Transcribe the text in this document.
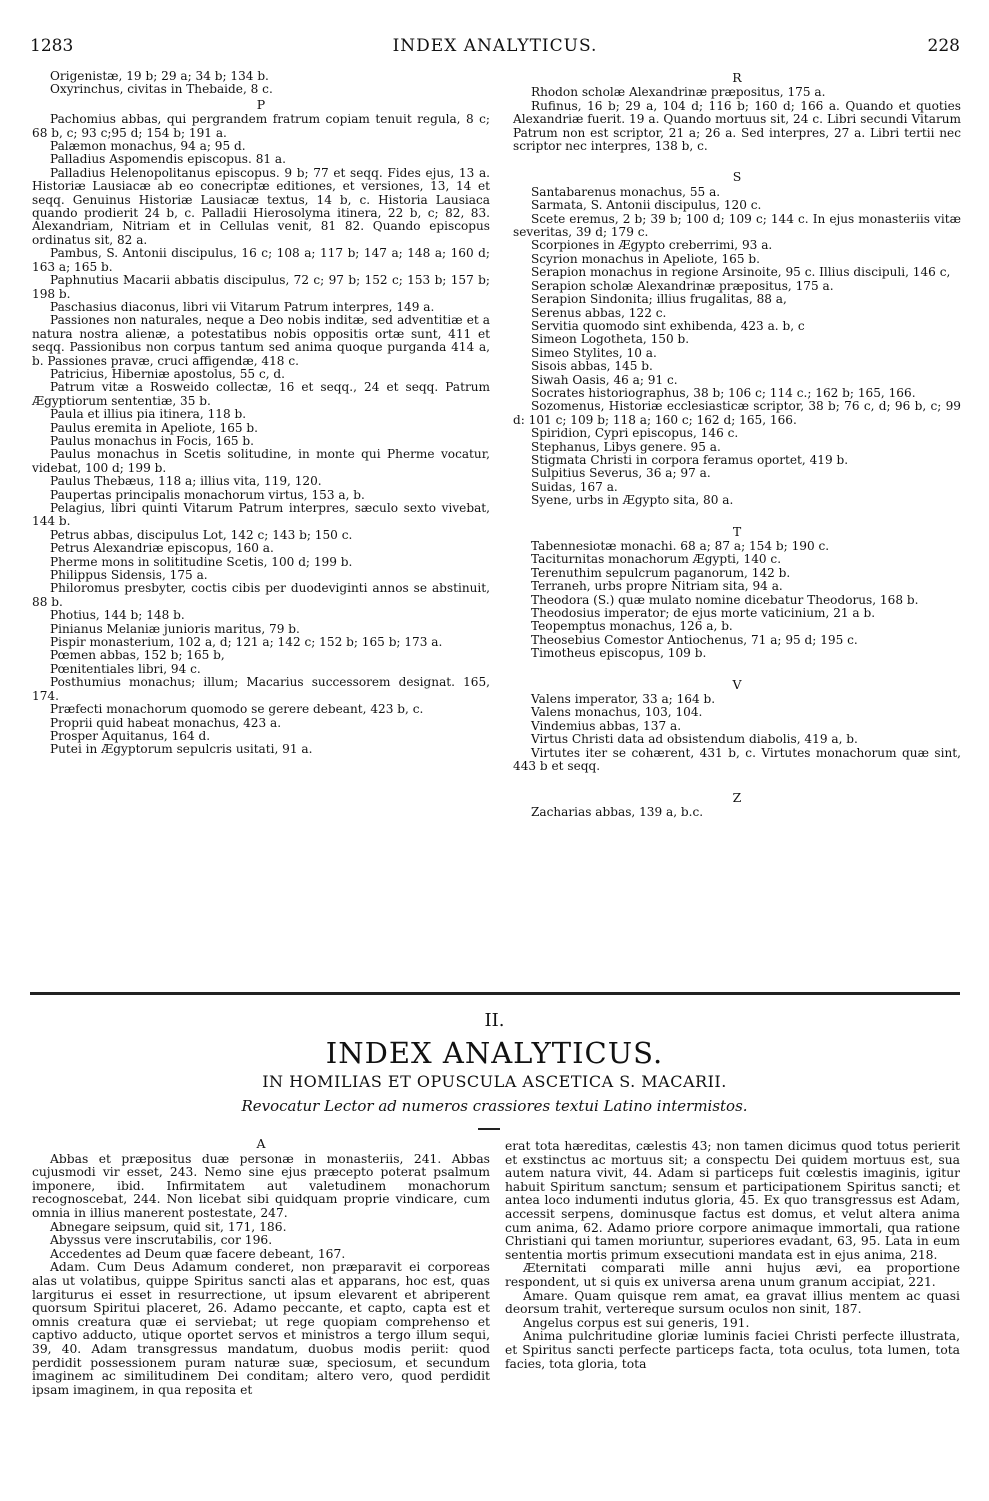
1283	INDEX ANALYTICUS.	228

Origenistæ, 19 b; 29 a; 34 b; 134 b.

Oxyrinchus, civitas in Thebaide, 8 c.

P

Pachomius abbas, qui pergrandem fratrum copiam tenuit regula, 8 c; 68 b, c; 93 c;95 d; 154 b; 191 a.

Palæmon monachus, 94 a; 95 d.

Palladius Aspomendis episcopus. 81 a.

Palladius Helenopolitanus episcopus. 9 b; 77 et seqq. Fides ejus, 13 a. Historiæ Lausiacæ ab eo conecriptæ editiones, et versiones, 13, 14 et seqq. Genuinus Historiæ Lausiacæ textus, 14 b, c. Historia Lausiaca quando prodierit 24 b, c. Palladii Hierosolyma itinera, 22 b, c; 82, 83. Alexandriam, Nitriam et in Cellulas venit, 81 82. Quando episcopus ordinatus sit, 82 a.

Pambus, S. Antonii discipulus, 16 c; 108 a; 117 b; 147 a; 148 a; 160 d; 163 a; 165 b.

Paphnutius Macarii abbatis discipulus, 72 c; 97 b; 152 c; 153 b; 157 b; 198 b.

Paschasius diaconus, libri vii Vitarum Patrum interpres, 149 a.

Passiones non naturales, neque a Deo nobis inditæ, sed adventitiæ et a natura nostra alienæ, a potestatibus nobis oppositis ortæ sunt, 411 et seqq. Passionibus non corpus tantum sed anima quoque purganda 414 a, b. Passiones pravæ, cruci affigendæ, 418 c.

Patricius, Hiberniæ apostolus, 55 c, d.

Patrum vitæ a Rosweido collectæ, 16 et seqq., 24 et seqq. Patrum Ægyptiorum sententiæ, 35 b.

Paula et illius pia itinera, 118 b.

Paulus eremita in Apeliote, 165 b.

Paulus monachus in Focis, 165 b.

Paulus monachus in Scetis solitudine, in monte qui Pherme vocatur, videbat, 100 d; 199 b.

Paulus Thebæus, 118 a; illius vita, 119, 120.

Paupertas principalis monachorum virtus, 153 a, b.

Pelagius, libri quinti Vitarum Patrum interpres, sæculo sexto vivebat, 144 b.

Petrus abbas, discipulus Lot, 142 c; 143 b; 150 c.

Petrus Alexandriæ episcopus, 160 a.

Pherme mons in solititudine Scetis, 100 d; 199 b.

Philippus Sidensis, 175 a.

Philoromus presbyter, coctis cibis per duodeviginti annos se abstinuit, 88 b.

Photius, 144 b; 148 b.

Pinianus Melaniæ junioris maritus, 79 b.

Pispir monasterium, 102 a, d; 121 a; 142 c; 152 b; 165 b; 173 a.

Pœmen abbas, 152 b; 165 b,

Pœnitentiales libri, 94 c.

Posthumius monachus; illum; Macarius successorem designat. 165, 174.

Præfecti monachorum quomodo se gerere debeant, 423 b, c.

Proprii quid habeat monachus, 423 a.

Prosper Aquitanus, 164 d.

Putei in Ægyptorum sepulcris usitati, 91 a.

R

Rhodon scholæ Alexandrinæ præpositus, 175 a.

Rufinus, 16 b; 29 a, 104 d; 116 b; 160 d; 166 a. Quando et quoties Alexandriæ fuerit. 19 a. Quando mortuus sit, 24 c. Libri secundi Vitarum Patrum non est scriptor, 21 a; 26 a. Sed interpres, 27 a. Libri tertii nec scriptor nec interpres, 138 b, c.

S

Santabarenus monachus, 55 a.

Sarmata, S. Antonii discipulus, 120 c.

Scete eremus, 2 b; 39 b; 100 d; 109 c; 144 c. In ejus monasteriis vitæ severitas, 39 d; 179 c.

Scorpiones in Ægypto creberrimi, 93 a.

Scyrion monachus in Apeliote, 165 b.

Serapion monachus in regione Arsinoite, 95 c. Illius discipuli, 146 c,

Serapion scholæ Alexandrinæ præpositus, 175 a.

Serapion Sindonita; illius frugalitas, 88 a,

Serenus abbas, 122 c.

Servitia quomodo sint exhibenda, 423 a. b, c

Simeon Logotheta, 150 b.

Simeo Stylites, 10 a.

Sisois abbas, 145 b.

Siwah Oasis, 46 a; 91 c.

Socrates historiographus, 38 b; 106 c; 114 c.; 162 b; 165, 166.

Sozomenus, Historiæ ecclesiasticæ scriptor, 38 b; 76 c, d; 96 b, c; 99 d: 101 c; 109 b; 118 a; 160 c; 162 d; 165, 166.

Spiridion, Cypri episcopus, 146 c.

Stephanus, Libys genere. 95 a.

Stigmata Christi in corpora feramus oportet, 419 b.

Sulpitius Severus, 36 a; 97 a.

Suidas, 167 a.

Syene, urbs in Ægypto sita, 80 a.

T

Tabennesiotæ monachi. 68 a; 87 a; 154 b; 190 c.

Taciturnitas monachorum Ægypti, 140 c.

Terenuthim sepulcrum paganorum, 142 b.

Terraneh, urbs propre Nitriam sita, 94 a.

Theodora (S.) quæ mulato nomine dicebatur Theodorus, 168 b.

Theodosius imperator; de ejus morte vaticinium, 21 a b.

Teopemptus monachus, 126 a, b.

Theosebius Comestor Antiochenus, 71 a; 95 d; 195 c.

Timotheus episcopus, 109 b.

V

Valens imperator, 33 a; 164 b.

Valens monachus, 103, 104.

Vindemius abbas, 137 a.

Virtus Christi data ad obsistendum diabolis, 419 a, b.

Virtutes iter se cohærent, 431 b, c. Virtutes monachorum quæ sint, 443 b et seqq.

Z

Zacharias abbas, 139 a, b.c.

II.
INDEX ANALYTICUS.
IN HOMILIAS ET OPUSCULA ASCETICA S. MACARII.
Revocatur Lector ad numeros crassiores textui Latino intermistos.
A

Abbas et præpositus duæ personæ in monasteriis, 241. Abbas cujusmodi vir esset, 243. Nemo sine ejus præcepto poterat psalmum imponere, ibid. Infirmitatem aut valetudinem monachorum recognoscebat, 244. Non licebat sibi quidquam proprie vindicare, cum omnia in illius manerent postestate, 247.

Abnegare seipsum, quid sit, 171, 186.

Abyssus vere inscrutabilis, cor 196.

Accedentes ad Deum quæ facere debeant, 167.

Adam. Cum Deus Adamum conderet, non præparavit ei corporeas alas ut volatibus, quippe Spiritus sancti alas et apparans, hoc est, quas largiturus ei esset in resurrectione, ut ipsum elevarent et abriperent quorsum Spiritui placeret, 26. Adamo peccante, et capto, capta est et omnis creatura quæ ei serviebat; ut rege quopiam comprehenso et captivo adducto, utique oportet servos et ministros a tergo illum sequi, 39, 40. Adam transgressus mandatum, duobus modis periit: quod perdidit possessionem puram naturæ suæ, speciosum, et secundum imaginem ac similitudinem Dei conditam; altero vero, quod perdidit ipsam imaginem, in qua reposita et

erat tota hæreditas, cælestis 43; non tamen dicimus quod totus perierit et exstinctus ac mortuus sit; a conspectu Dei quidem mortuus est, sua autem natura vivit, 44. Adam si particeps fuit cœlestis imaginis, igitur habuit Spiritum sanctum; sensum et participationem Spiritus sancti; et antea loco indumenti indutus gloria, 45. Ex quo transgressus est Adam, accessit serpens, dominusque factus est domus, et velut altera anima cum anima, 62. Adamo priore corpore animaque immortali, qua ratione Christiani qui tamen moriuntur, superiores evadant, 63, 95. Lata in eum sententia mortis primum exsecutioni mandata est in ejus anima, 218.

Æternitati comparati mille anni hujus ævi, ea proportione respondent, ut si quis ex universa arena unum granum accipiat, 221.

Amare. Quam quisque rem amat, ea gravat illius mentem ac quasi deorsum trahit, vertereque sursum oculos non sinit, 187.

Angelus corpus est sui generis, 191.

Anima pulchritudine gloriæ luminis faciei Christi perfecte illustrata, et Spiritus sancti perfecte particeps facta, tota oculus, tota lumen, tota facies, tota gloria, tota
